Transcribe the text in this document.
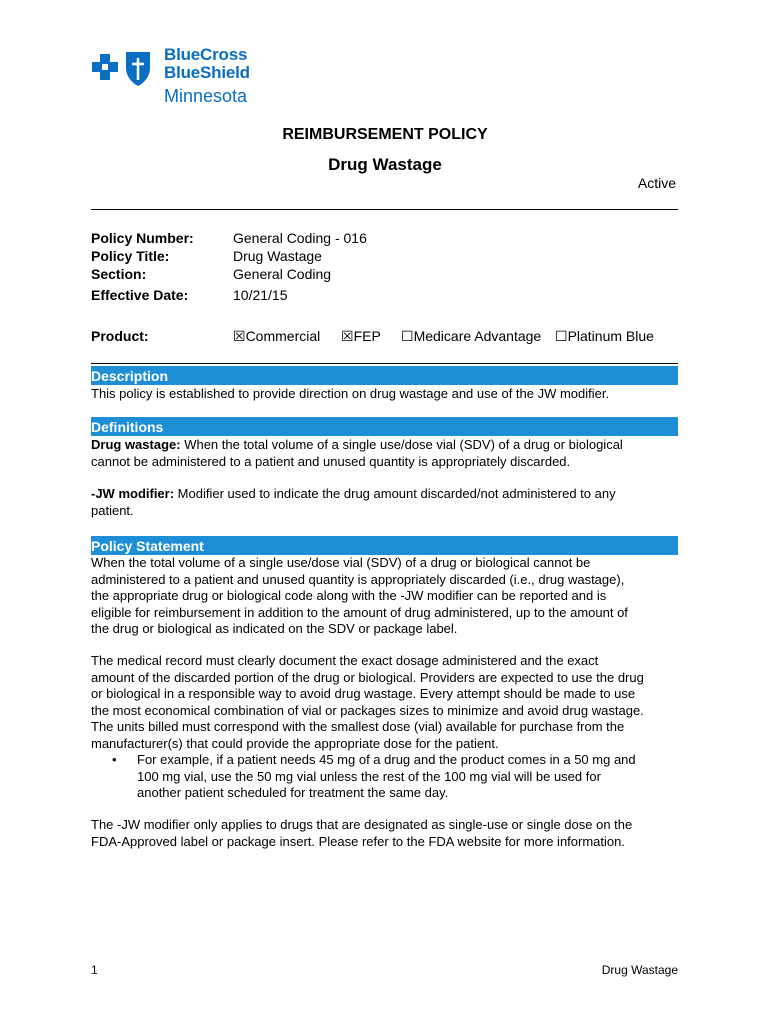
BlueCross
BlueShield
Minnesota
REIMBURSEMENT POLICY
Drug Wastage
Active
Policy Number:	General Coding - 016
Policy Title:	Drug Wastage
Section:	General Coding
Effective Date:	10/21/15
Product:	☒Commercial ☒FEP ☐Medicare Advantage ☐Platinum Blue
Description
This policy is established to provide direction on drug wastage and use of the JW modifier.
Definitions
Drug wastage: When the total volume of a single use/dose vial (SDV) of a drug or biological
cannot be administered to a patient and unused quantity is appropriately discarded.
-JW modifier: Modifier used to indicate the drug amount discarded/not administered to any
patient.
Policy Statement
When the total volume of a single use/dose vial (SDV) of a drug or biological cannot be
administered to a patient and unused quantity is appropriately discarded (i.e., drug wastage),
the appropriate drug or biological code along with the -JW modifier can be reported and is
eligible for reimbursement in addition to the amount of drug administered, up to the amount of
the drug or biological as indicated on the SDV or package label.
The medical record must clearly document the exact dosage administered and the exact
amount of the discarded portion of the drug or biological. Providers are expected to use the drug
or biological in a responsible way to avoid drug wastage. Every attempt should be made to use
the most economical combination of vial or packages sizes to minimize and avoid drug wastage.
The units billed must correspond with the smallest dose (vial) available for purchase from the
manufacturer(s) that could provide the appropriate dose for the patient.
• For example, if a patient needs 45 mg of a drug and the product comes in a 50 mg and
100 mg vial, use the 50 mg vial unless the rest of the 100 mg vial will be used for
another patient scheduled for treatment the same day.
The -JW modifier only applies to drugs that are designated as single-use or single dose on the
FDA-Approved label or package insert. Please refer to the FDA website for more information.
1	Drug Wastage
